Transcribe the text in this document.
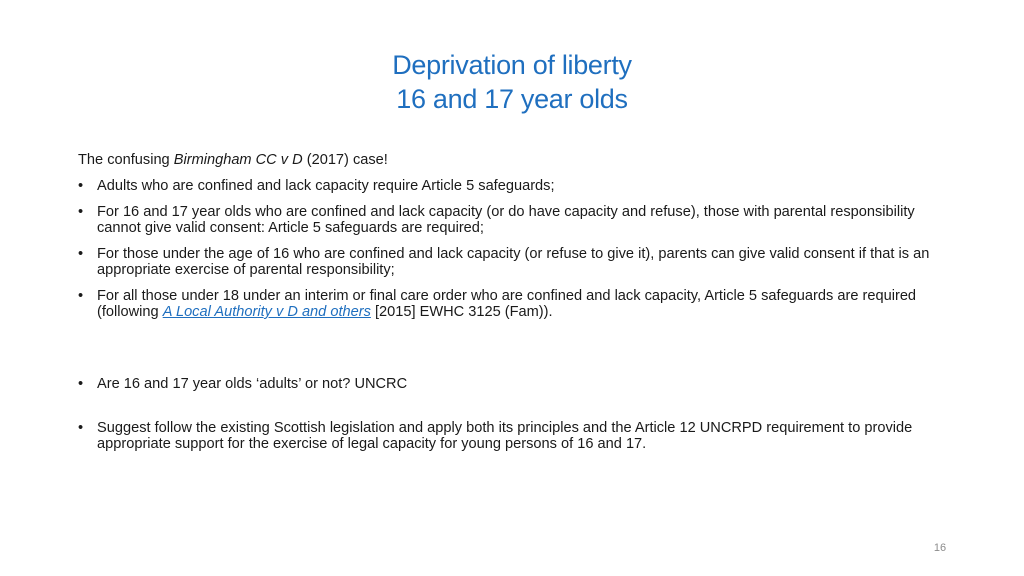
Deprivation of liberty
16 and 17 year olds

The confusing Birmingham CC v D (2017) case!

• Adults who are confined and lack capacity require Article 5 safeguards;
• For 16 and 17 year olds who are confined and lack capacity (or do have capacity and refuse), those with parental responsibility cannot give valid consent: Article 5 safeguards are required;
• For those under the age of 16 who are confined and lack capacity (or refuse to give it), parents can give valid consent if that is an appropriate exercise of parental responsibility;
• For all those under 18 under an interim or final care order who are confined and lack capacity, Article 5 safeguards are required (following A Local Authority v D and others [2015] EWHC 3125 (Fam)).
• Are 16 and 17 year olds ‘adults’ or not? UNCRC
• Suggest follow the existing Scottish legislation and apply both its principles and the Article 12 UNCRPD requirement to provide appropriate support for the exercise of legal capacity for young persons of 16 and 17.
16
